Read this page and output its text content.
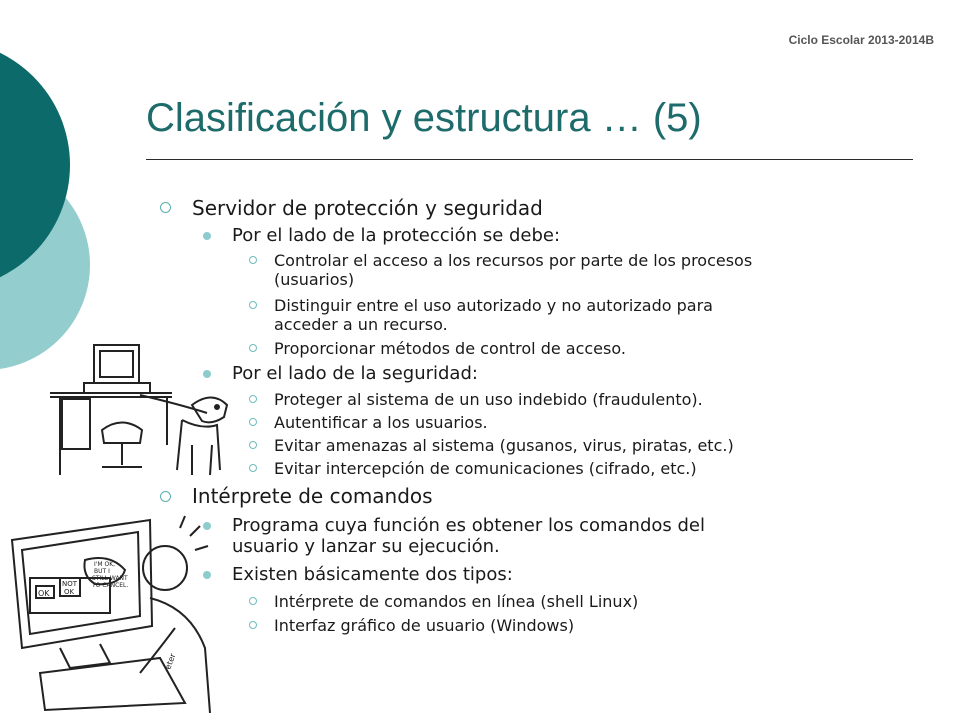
Ciclo Escolar 2013-2014B
Clasificación y estructura … (5)
OK
NOT
OK
I'M OK,
BUT I
STILL WANT
TO CANCEL.
eter
Servidor de protección y seguridad
Por el lado de la protección se debe:
Controlar el acceso a los recursos por parte de los procesos
(usuarios)
Distinguir entre el uso autorizado y no autorizado para
acceder a un recurso.
Proporcionar métodos de control de acceso.
Por el lado de la seguridad:
Proteger al sistema de un uso indebido (fraudulento).
Autentificar a los usuarios.
Evitar amenazas al sistema (gusanos, virus, piratas, etc.)
Evitar intercepción de comunicaciones (cifrado, etc.)
Intérprete de comandos
Programa cuya función es obtener los comandos del
usuario y lanzar su ejecución.
Existen básicamente dos tipos:
Intérprete de comandos en línea (shell Linux)
Interfaz gráfico de usuario (Windows)
